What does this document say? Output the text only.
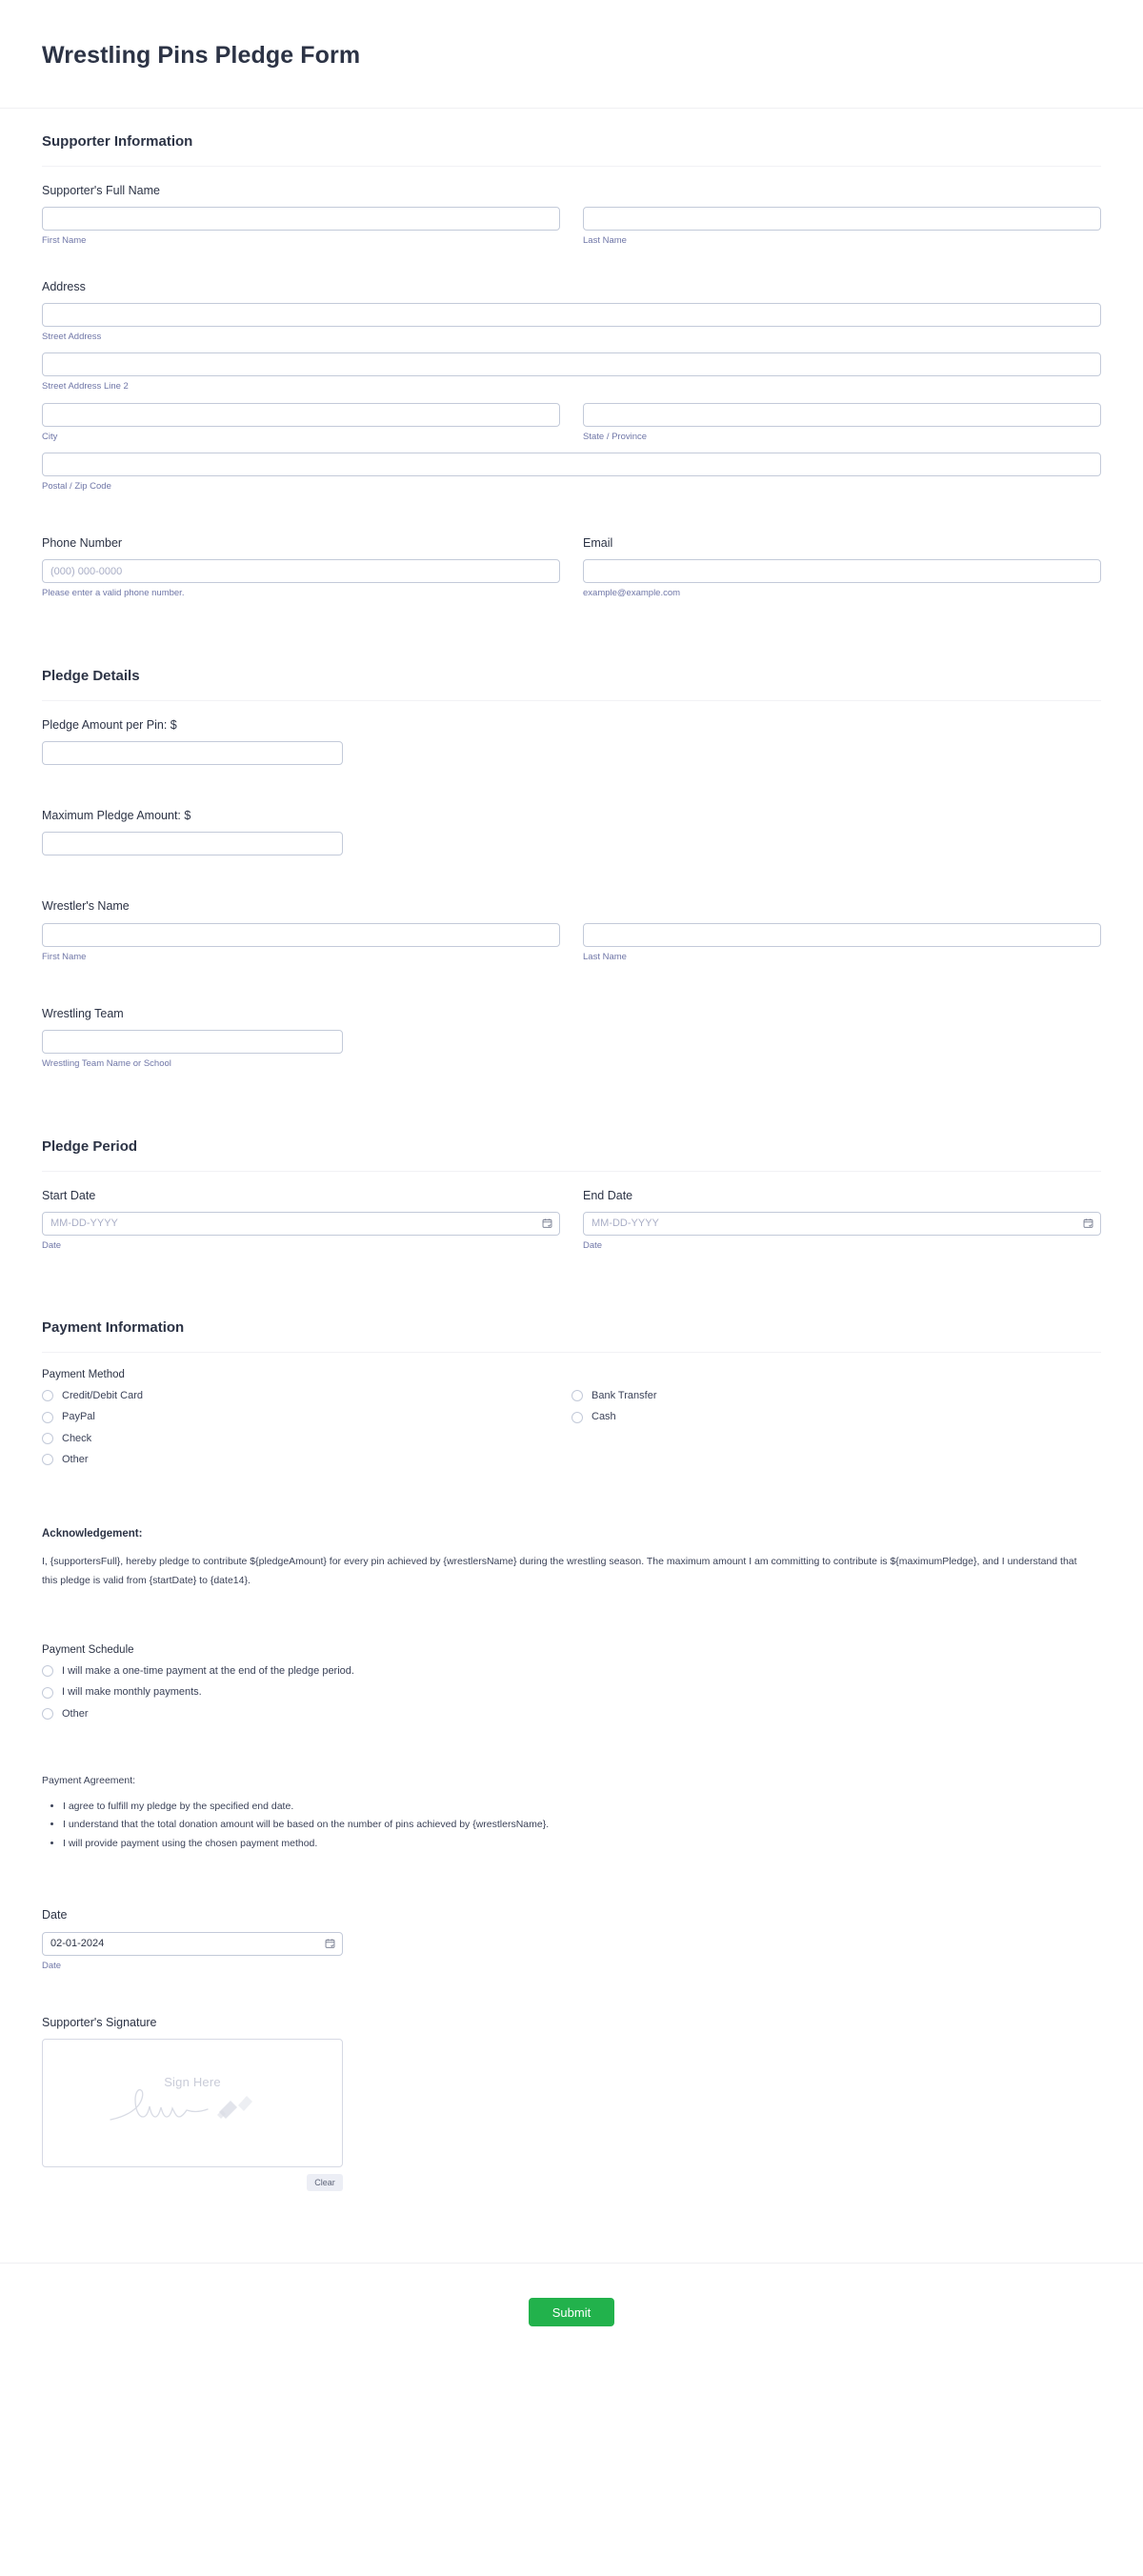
Wrestling Pins Pledge Form
Supporter Information
Supporter's Full Name
First Name	Last Name
Address
Street Address
Street Address Line 2
City	State / Province
Postal / Zip Code
Phone Number
(000) 000-0000
Please enter a valid phone number.
Email
example@example.com
Pledge Details
Pledge Amount per Pin: $
Maximum Pledge Amount: $
Wrestler's Name
First Name	Last Name
Wrestling Team
Wrestling Team Name or School
Pledge Period
Start Date
MM-DD-YYYY
Date
End Date
MM-DD-YYYY
Date
Payment Information
Payment Method
Credit/Debit Card
PayPal
Check
Other
Bank Transfer
Cash

Acknowledgement:

I, {supportersFull}, hereby pledge to contribute ${pledgeAmount} for every pin achieved by {wrestlersName} during the wrestling season. The maximum amount I am committing to contribute is ${maximumPledge}, and I understand that this pledge is valid from {startDate} to {date14}.

Payment Schedule
I will make a one-time payment at the end of the pledge period.
I will make monthly payments.
Other

Payment Agreement:

• I agree to fulfill my pledge by the specified end date.
• I understand that the total donation amount will be based on the number of pins achieved by {wrestlersName}.
• I will provide payment using the chosen payment method.
Date
02-01-2024
Date
Supporter's Signature
Sign Here
Clear
Submit
